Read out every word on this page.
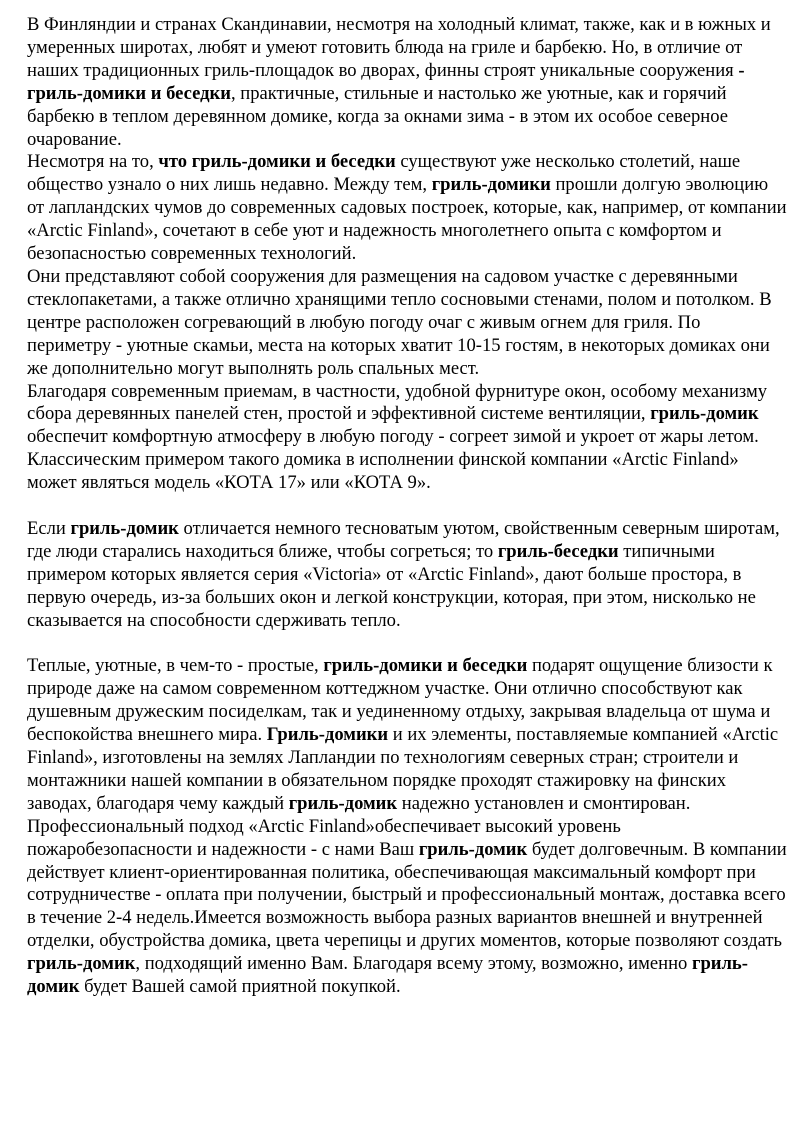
В Финляндии и странах Скандинавии, несмотря на холодный климат, также, как и в южных и умеренных широтах, любят и умеют готовить блюда на гриле и барбекю. Но, в отличие от наших традиционных гриль-площадок во дворах, финны строят уникальные сооружения - гриль-домики и беседки, практичные, стильные и настолько же уютные, как и горячий барбекю в теплом деревянном домике, когда за окнами зима - в этом их особое северное очарование.

Несмотря на то, что гриль-домики и беседки существуют уже несколько столетий, наше общество узнало о них лишь недавно. Между тем, гриль-домики прошли долгую эволюцию от лапландских чумов до современных садовых построек, которые, как, например, от компании «Arctic Finland», сочетают в себе уют и надежность многолетнего опыта с комфортом и безопасностью современных технологий.

Они представляют собой сооружения для размещения на садовом участке с деревянными стеклопакетами, а также отлично хранящими тепло сосновыми стенами, полом и потолком. В центре расположен согревающий в любую погоду очаг с живым огнем для гриля. По периметру - уютные скамьи, места на которых хватит 10-15 гостям, в некоторых домиках они же дополнительно могут выполнять роль спальных мест.

Благодаря современным приемам, в частности, удобной фурнитуре окон, особому механизму сбора деревянных панелей стен, простой и эффективной системе вентиляции, гриль-домик обеспечит комфортную атмосферу в любую погоду - согреет зимой и укроет от жары летом. Классическим примером такого домика в исполнении финской компании «Arctic Finland» может являться модель «КОТА 17» или «КОТА 9».

Если гриль-домик отличается немного тесноватым уютом, свойственным северным широтам, где люди старались находиться ближе, чтобы согреться; то гриль-беседки типичными примером которых является серия «Victoria» от «Arctic Finland», дают больше простора, в первую очередь, из-за больших окон и легкой конструкции, которая, при этом, нисколько не сказывается на способности сдерживать тепло.

Теплые, уютные, в чем-то - простые, гриль-домики и беседки подарят ощущение близости к природе даже на самом современном коттеджном участке. Они отлично способствуют как душевным дружеским посиделкам, так и уединенному отдыху, закрывая владельца от шума и беспокойства внешнего мира. Гриль-домики и их элементы, поставляемые компанией «Arctic Finland», изготовлены на землях Лапландии по технологиям северных стран; строители и монтажники нашей компании в обязательном порядке проходят стажировку на финских заводах, благодаря чему каждый гриль-домик надежно установлен и смонтирован. Профессиональный подход «Arctic Finland»обеспечивает высокий уровень пожаробезопасности и надежности - с нами Ваш гриль-домик будет долговечным. В компании действует клиент-ориентированная политика, обеспечивающая максимальный комфорт при сотрудничестве - оплата при получении, быстрый и профессиональный монтаж, доставка всего в течение 2-4 недель.Имеется возможность выбора разных вариантов внешней и внутренней отделки, обустройства домика, цвета черепицы и других моментов, которые позволяют создать гриль-домик, подходящий именно Вам. Благодаря всему этому, возможно, именно гриль-домик будет Вашей самой приятной покупкой.
